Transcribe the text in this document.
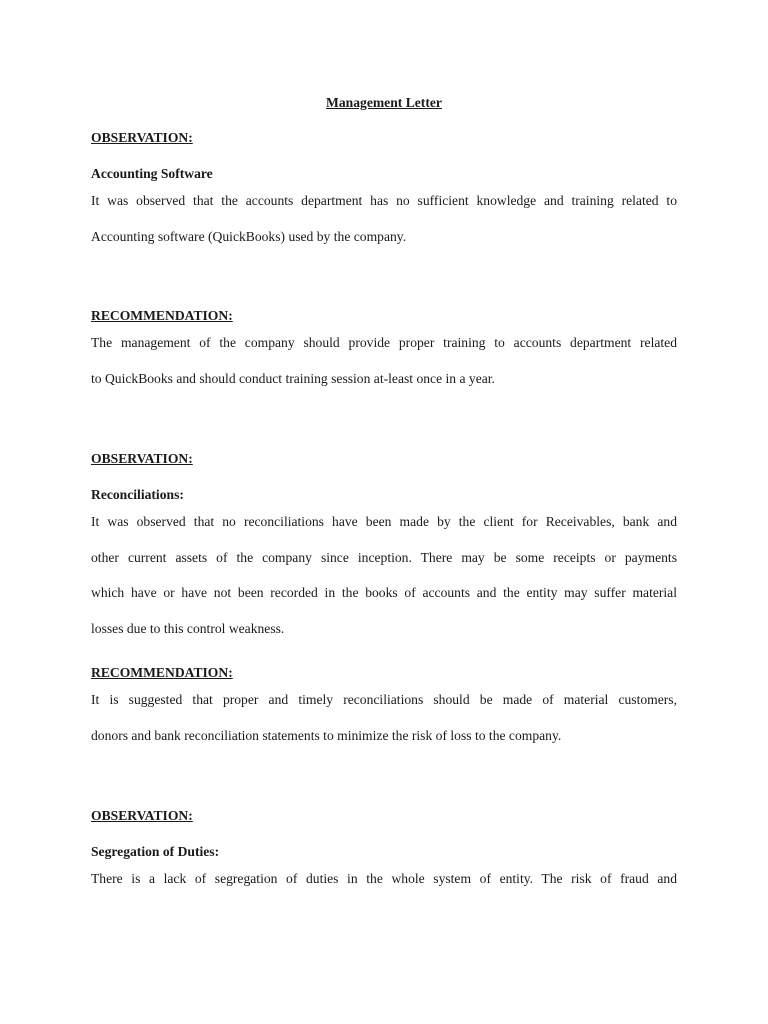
Management Letter
OBSERVATION:
Accounting Software
It was observed that the accounts department has no sufficient knowledge and training related to
Accounting software (QuickBooks) used by the company.
RECOMMENDATION:
The management of the company should provide proper training to accounts department related
to QuickBooks and should conduct training session at-least once in a year.
OBSERVATION:
Reconciliations:
It was observed that no reconciliations have been made by the client for Receivables, bank and
other current assets of the company since inception. There may be some receipts or payments
which have or have not been recorded in the books of accounts and the entity may suffer material
losses due to this control weakness.
RECOMMENDATION:
It is suggested that proper and timely reconciliations should be made of material customers,
donors and bank reconciliation statements to minimize the risk of loss to the company.
OBSERVATION:
Segregation of Duties:
There is a lack of segregation of duties in the whole system of entity. The risk of fraud and
